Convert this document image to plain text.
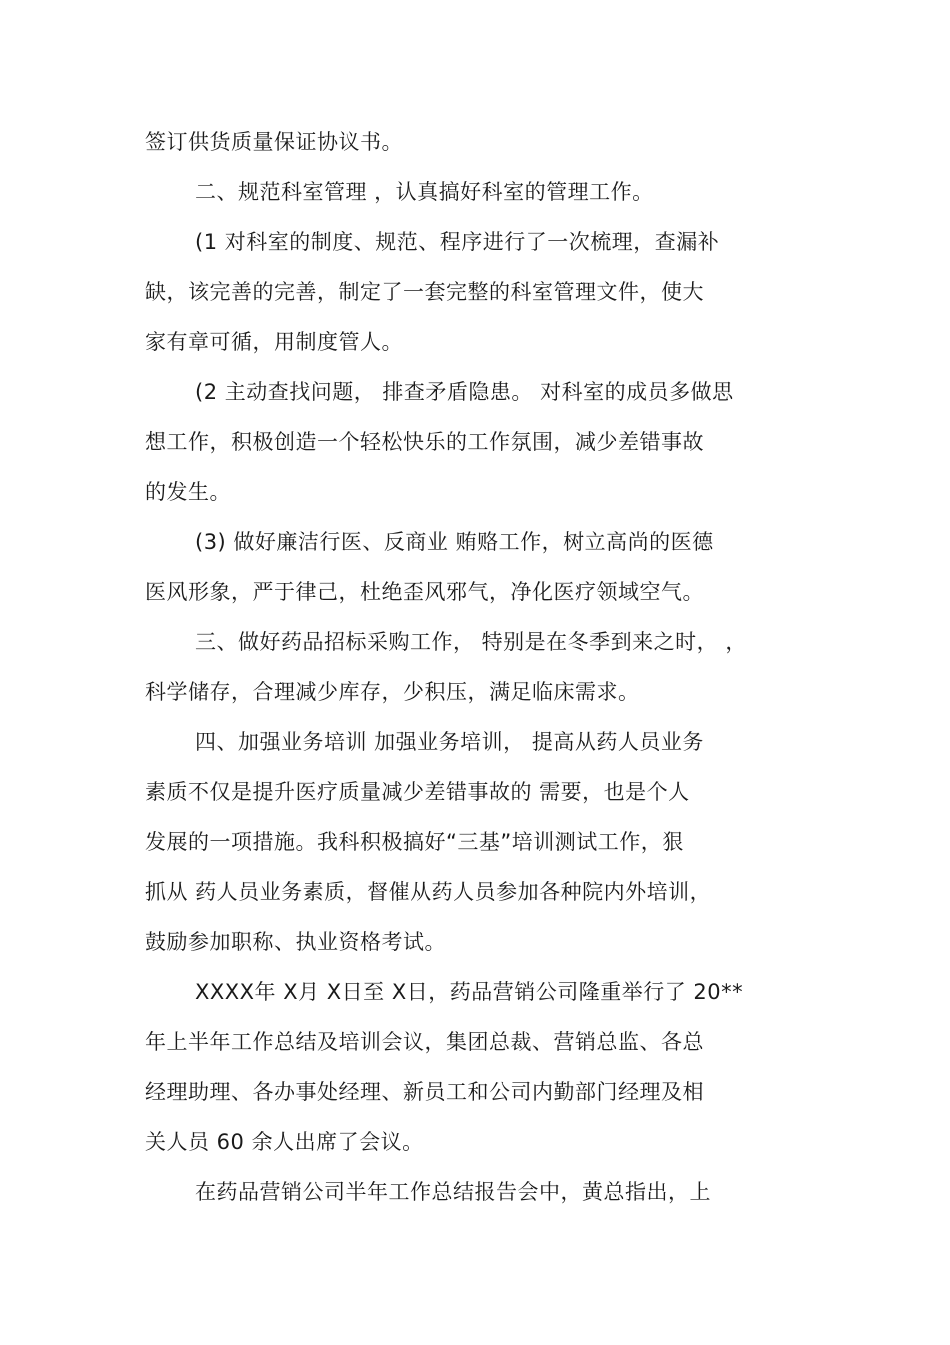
签订供货质量保证协议书。
二、规范科室管理 ，认真搞好科室的管理工作。
(1 对科室的制度、规范、程序进行了一次梳理，查漏补
缺，该完善的完善，制定了一套完整的科室管理文件，使大
家有章可循，用制度管人。
(2 主动查找问题， 排查矛盾隐患。 对科室的成员多做思
想工作，积极创造一个轻松快乐的工作氛围，减少差错事故
的发生。
(3) 做好廉洁行医、反商业 贿赂工作，树立高尚的医德
医风形象，严于律己，杜绝歪风邪气，净化医疗领域空气。
三、做好药品招标采购工作， 特别是在冬季到来之时， ，
科学储存，合理减少库存，少积压，满足临床需求。
四、加强业务培训 加强业务培训， 提高从药人员业务
素质不仅是提升医疗质量减少差错事故的 需要，也是个人
发展的一项措施。我科积极搞好“三基”培训测试工作，狠
抓从 药人员业务素质，督催从药人员参加各种院内外培训，
鼓励参加职称、执业资格考试。
XXXX年 X月 X日至 X日，药品营销公司隆重举行了 20**
年上半年工作总结及培训会议，集团总裁、营销总监、各总
经理助理、各办事处经理、新员工和公司内勤部门经理及相
关人员 60 余人出席了会议。
在药品营销公司半年工作总结报告会中，黄总指出，上
